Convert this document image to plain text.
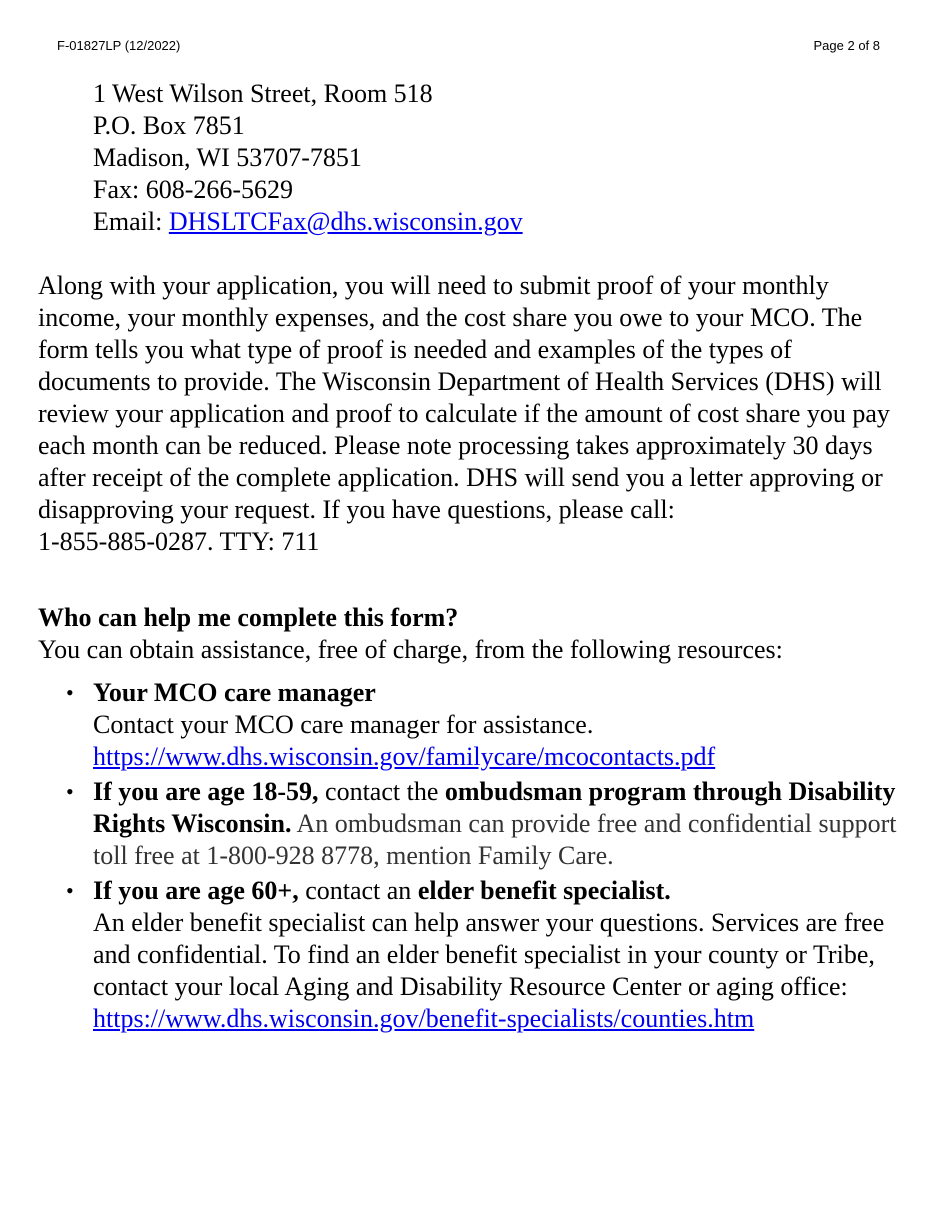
F-01827LP (12/2022)	Page 2 of 8
1 West Wilson Street, Room 518
P.O. Box 7851
Madison, WI 53707-7851
Fax: 608-266-5629
Email: DHSLTCFax@dhs.wisconsin.gov

Along with your application, you will need to submit proof of your monthly income, your monthly expenses, and the cost share you owe to your MCO. The form tells you what type of proof is needed and examples of the types of documents to provide. The Wisconsin Department of Health Services (DHS) will review your application and proof to calculate if the amount of cost share you pay each month can be reduced. Please note processing takes approximately 30 days after receipt of the complete application. DHS will send you a letter approving or disapproving your request. If you have questions, please call:

1-855-885-0287. TTY: 711

Who can help me complete this form?

You can obtain assistance, free of charge, from the following resources:

• Your MCO care manager
Contact your MCO care manager for assistance.
https://www.dhs.wisconsin.gov/familycare/mcocontacts.pdf
• If you are age 18-59, contact the ombudsman program through Disability Rights Wisconsin. An ombudsman can provide free and confidential support toll free at 1-800-928 8778, mention Family Care.
• If you are age 60+, contact an elder benefit specialist.
An elder benefit specialist can help answer your questions. Services are free and confidential. To find an elder benefit specialist in your county or Tribe, contact your local Aging and Disability Resource Center or aging office: https://www.dhs.wisconsin.gov/benefit-specialists/counties.htm
